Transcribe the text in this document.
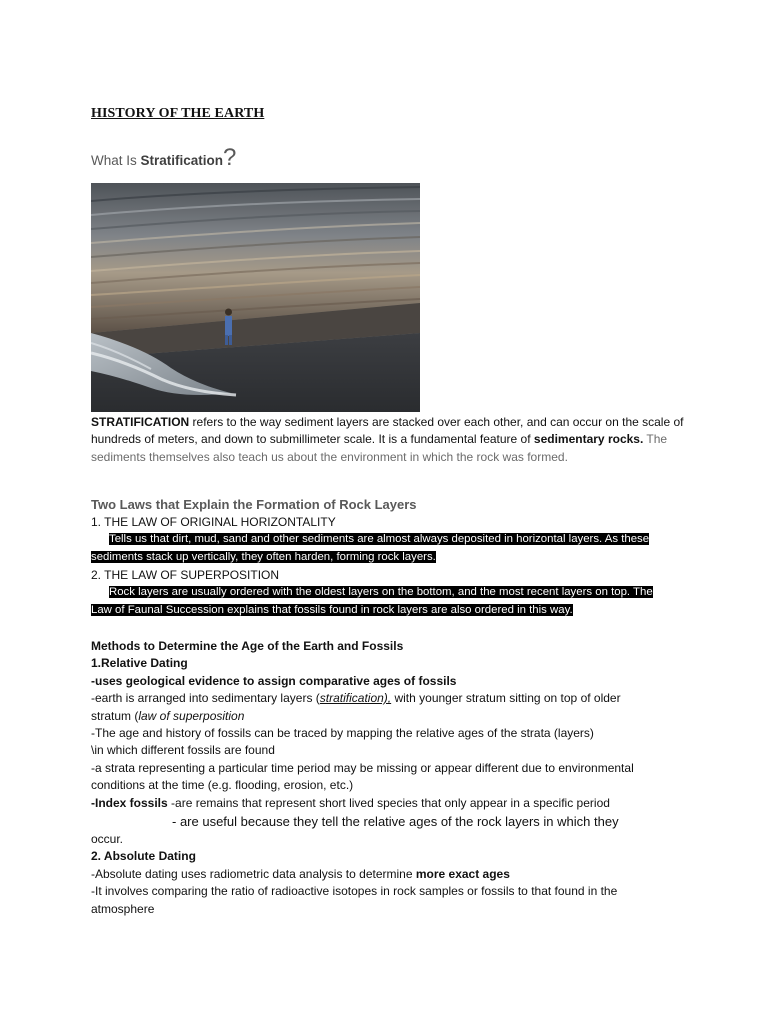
HISTORY OF THE EARTH
What Is Stratification?
STRATIFICATION refers to the way sediment layers are stacked over each other, and can occur on the scale of hundreds of meters, and down to submillimeter scale. It is a fundamental feature of sedimentary rocks. The sediments themselves also teach us about the environment in which the rock was formed.
Two Laws that Explain the Formation of Rock Layers
1. THE LAW OF ORIGINAL HORIZONTALITY
Tells us that dirt, mud, sand and other sediments are almost always deposited in horizontal layers. As these sediments stack up vertically, they often harden, forming rock layers.
2. THE LAW OF SUPERPOSITION
Rock layers are usually ordered with the oldest layers on the bottom, and the most recent layers on top. The Law of Faunal Succession explains that fossils found in rock layers are also ordered in this way.
Methods to Determine the Age of the Earth and Fossils
1.Relative Dating
-uses geological evidence to assign comparative ages of fossils
-earth is arranged into sedimentary layers (stratification), with younger stratum sitting on top of older
stratum (law of superposition
-The age and history of fossils can be traced by mapping the relative ages of the strata (layers)
\in which different fossils are found
-a strata representing a particular time period may be missing or appear different due to environmental conditions at the time (e.g. flooding, erosion, etc.)
-Index fossils -are remains that represent short lived species that only appear in a specific period
- are useful because they tell the relative ages of the rock layers in which they
occur.
2. Absolute Dating
-Absolute dating uses radiometric data analysis to determine more exact ages
-It involves comparing the ratio of radioactive isotopes in rock samples or fossils to that found in the atmosphere
